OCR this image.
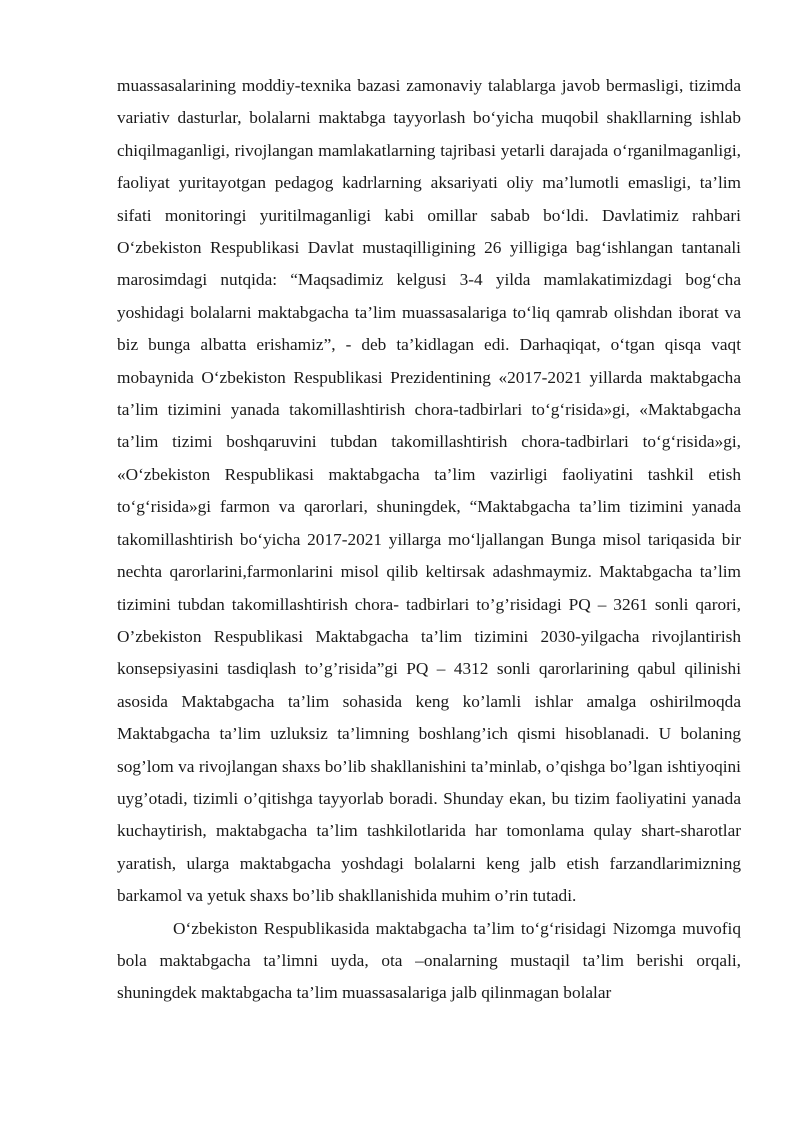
muassasalarining moddiy-texnika bazasi zamonaviy talablarga javob bermasligi, tizimda variativ dasturlar, bolalarni maktabga tayyorlash bo‘yicha muqobil shakllarning ishlab chiqilmaganligi, rivojlangan mamlakatlarning tajribasi yetarli darajada o‘rganilmaganligi, faoliyat yuritayotgan pedagog kadrlarning aksariyati oliy ma’lumotli emasligi, ta’lim sifati monitoringi yuritilmaganligi kabi omillar sabab bo‘ldi. Davlatimiz rahbari O‘zbekiston Respublikasi Davlat mustaqilligining 26 yilligiga bag‘ishlangan tantanali marosimdagi nutqida: “Maqsadimiz kelgusi 3-4 yilda mamlakatimizdagi bog‘cha yoshidagi bolalarni maktabgacha ta’lim muassasalariga to‘liq qamrab olishdan iborat va biz bunga albatta erishamiz”, - deb ta’kidlagan edi. Darhaqiqat, o‘tgan qisqa vaqt mobaynida O‘zbekiston Respublikasi Prezidentining «2017-2021 yillarda maktabgacha ta’lim tizimini yanada takomillashtirish chora-tadbirlari to‘g‘risida»gi, «Maktabgacha ta’lim tizimi boshqaruvini tubdan takomillashtirish chora-tadbirlari to‘g‘risida»gi, «O‘zbekiston Respublikasi maktabgacha ta’lim vazirligi faoliyatini tashkil etish to‘g‘risida»gi farmon va qarorlari, shuningdek, “Maktabgacha ta’lim tizimini yanada takomillashtirish bo‘yicha 2017-2021 yillarga mo‘ljallangan Bunga misol tariqasida bir nechta qarorlarini,farmonlarini misol qilib keltirsak adashmaymiz. Maktabgacha ta’lim tizimini tubdan takomillashtirish chora- tadbirlari to’g’risidagi PQ – 3261 sonli qarori, O’zbekiston Respublikasi Maktabgacha ta’lim tizimini 2030-yilgacha rivojlantirish konsepsiyasini tasdiqlash to’g’risida”gi PQ – 4312 sonli qarorlarining qabul qilinishi asosida Maktabgacha ta’lim sohasida keng ko’lamli ishlar amalga oshirilmoqda Maktabgacha ta’lim uzluksiz ta’limning boshlang’ich qismi hisoblanadi. U bolaning sog’lom va rivojlangan shaxs bo’lib shakllanishini ta’minlab, o’qishga bo’lgan ishtiyoqini uyg’otadi, tizimli o’qitishga tayyorlab boradi. Shunday ekan, bu tizim faoliyatini yanada kuchaytirish, maktabgacha ta’lim tashkilotlarida har tomonlama qulay shart-sharotlar yaratish, ularga maktabgacha yoshdagi bolalarni keng jalb etish farzandlarimizning barkamol va yetuk shaxs bo’lib shakllanishida muhim o’rin tutadi.

O‘zbekiston Respublikasida maktabgacha ta’lim to‘g‘risidagi Nizomga muvofiq bola maktabgacha ta’limni uyda, ota –onalarning mustaqil ta’lim berishi orqali, shuningdek maktabgacha ta’lim muassasalariga jalb qilinmagan bolalar
